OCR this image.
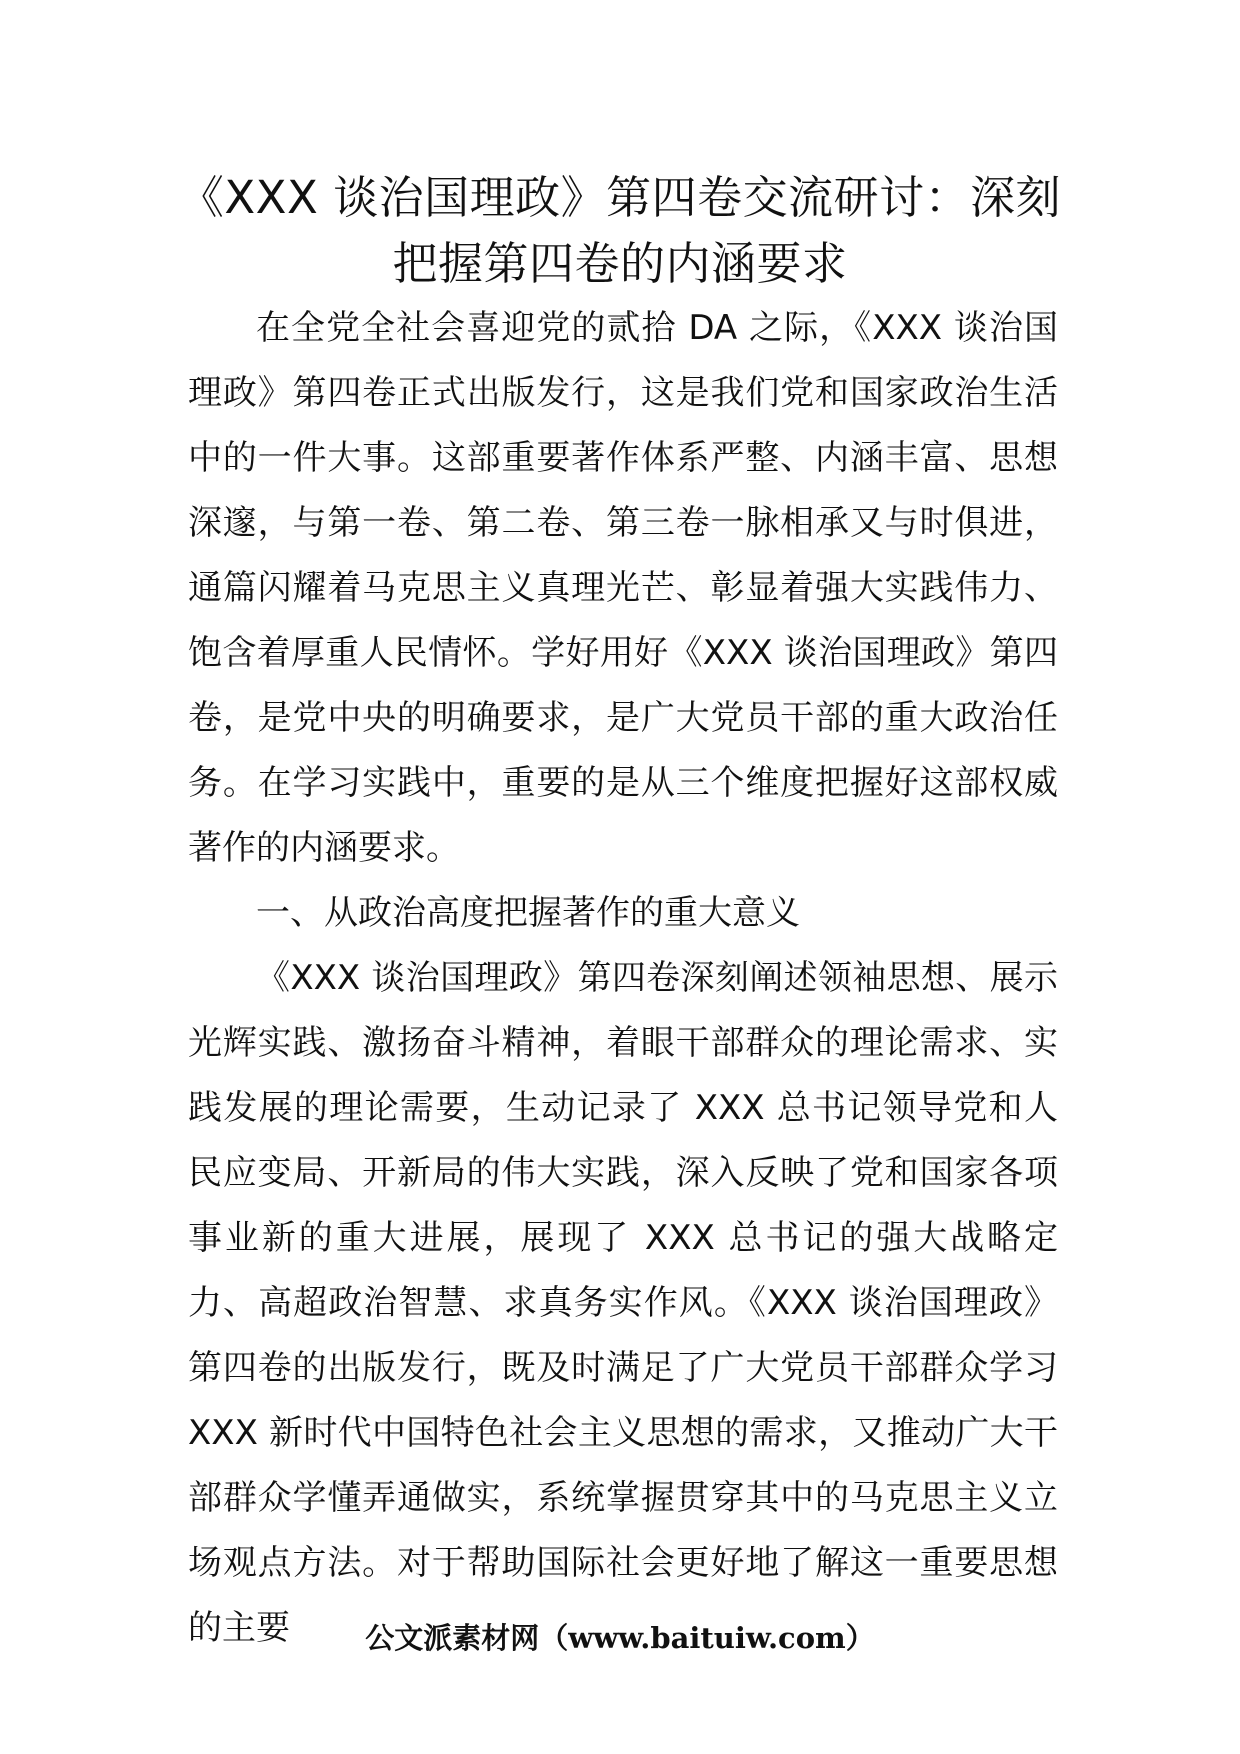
《XXX 谈治国理政》第四卷交流研讨：深刻
把握第四卷的内涵要求

在全党全社会喜迎党的贰拾 DA 之际，《XXX 谈治国理政》第四卷正式出版发行，这是我们党和国家政治生活中的一件大事。这部重要著作体系严整、内涵丰富、思想深邃，与第一卷、第二卷、第三卷一脉相承又与时俱进，通篇闪耀着马克思主义真理光芒、彰显着强大实践伟力、饱含着厚重人民情怀。学好用好《XXX 谈治国理政》第四卷，是党中央的明确要求，是广大党员干部的重大政治任务。在学习实践中，重要的是从三个维度把握好这部权威著作的内涵要求。

一、从政治高度把握著作的重大意义

《XXX 谈治国理政》第四卷深刻阐述领袖思想、展示光辉实践、激扬奋斗精神，着眼干部群众的理论需求、实践发展的理论需要，生动记录了 XXX 总书记领导党和人民应变局、开新局的伟大实践，深入反映了党和国家各项事业新的重大进展，展现了 XXX 总书记的强大战略定力、高超政治智慧、求真务实作风。《XXX 谈治国理政》第四卷的出版发行，既及时满足了广大党员干部群众学习 XXX 新时代中国特色社会主义思想的需求，又推动广大干部群众学懂弄通做实，系统掌握贯穿其中的马克思主义立场观点方法。对于帮助国际社会更好地了解这一重要思想的主要	公文派素材网（www.baituiw.com）
